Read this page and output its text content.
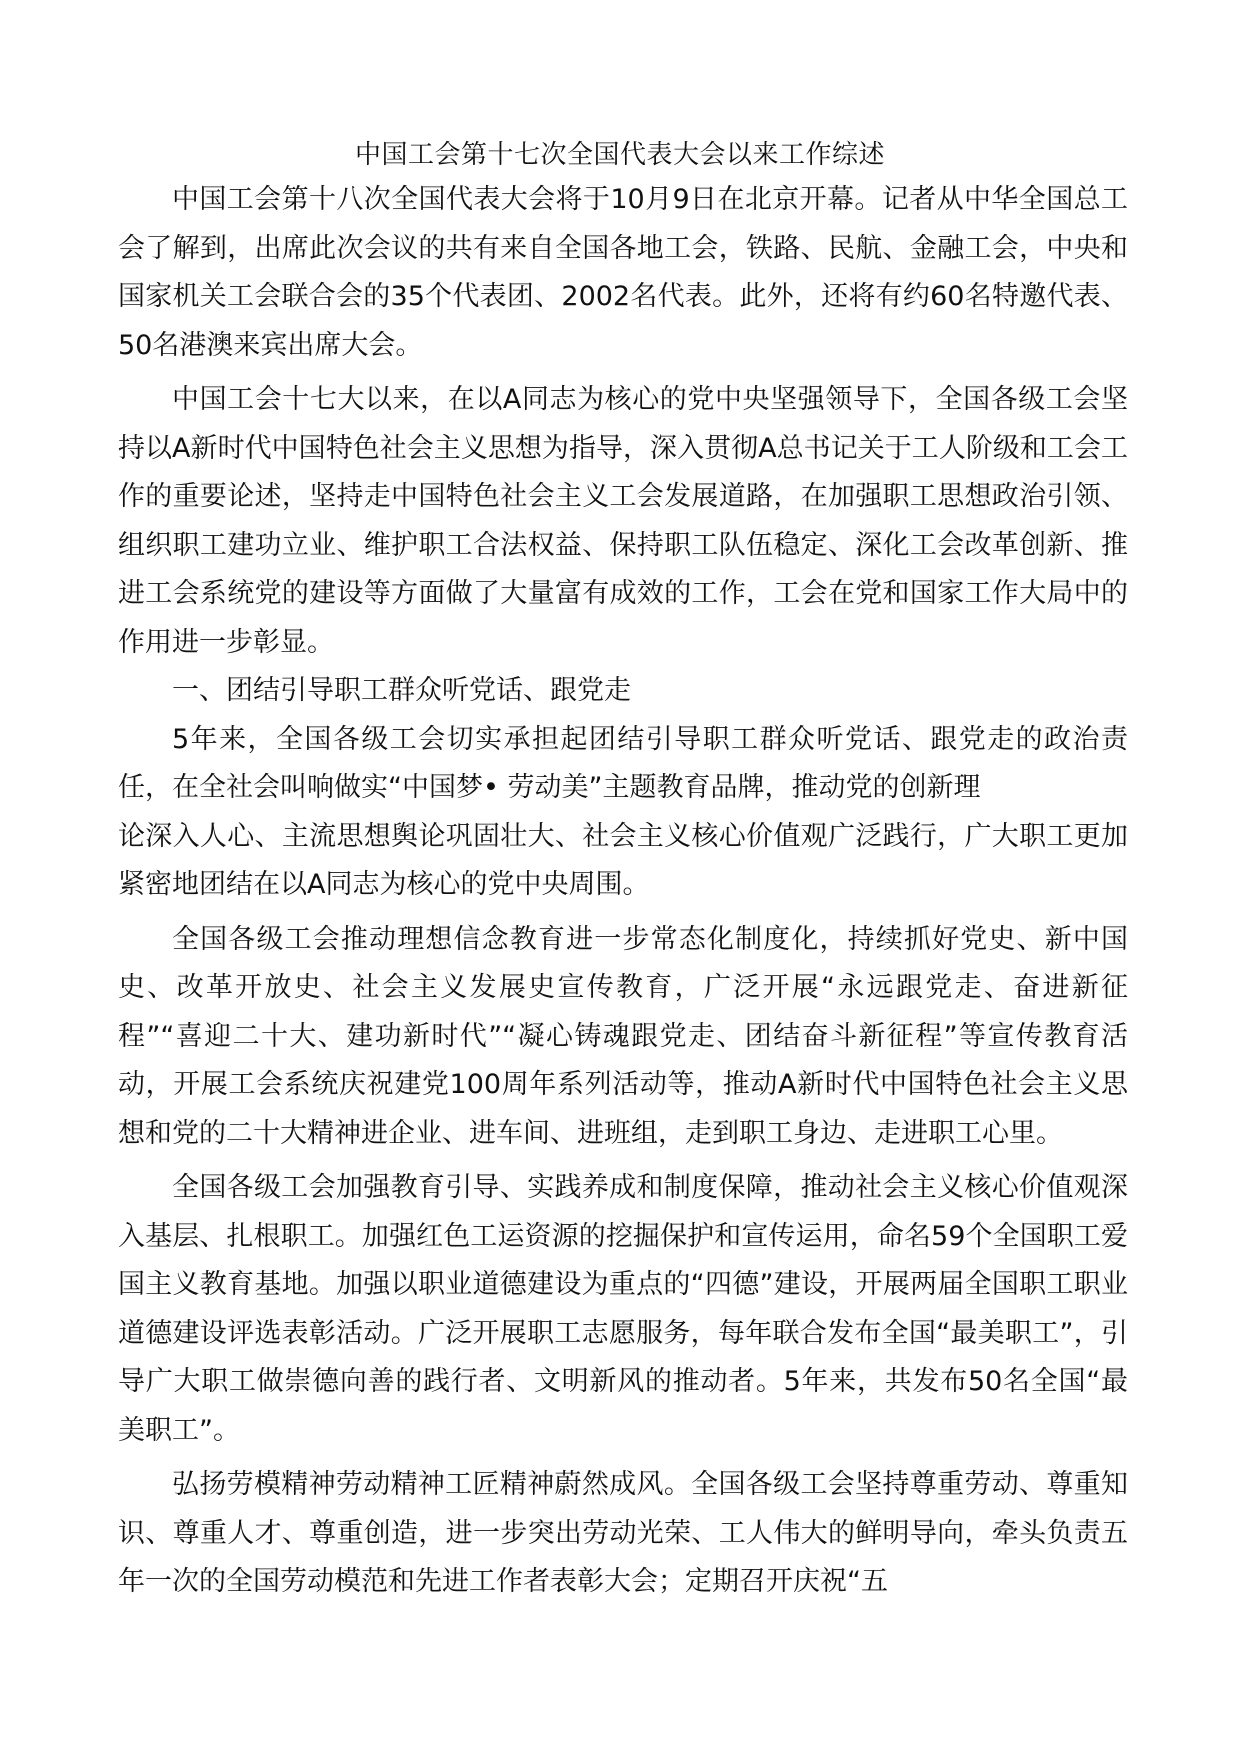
中国工会第十七次全国代表大会以来工作综述

中国工会第十八次全国代表大会将于10月9日在北京开幕。记者从中华全国总工会了解到，出席此次会议的共有来自全国各地工会，铁路、民航、金融工会，中央和国家机关工会联合会的35个代表团、2002名代表。此外，还将有约60名特邀代表、50名港澳来宾出席大会。

中国工会十七大以来，在以A同志为核心的党中央坚强领导下，全国各级工会坚持以A新时代中国特色社会主义思想为指导，深入贯彻A总书记关于工人阶级和工会工作的重要论述，坚持走中国特色社会主义工会发展道路，在加强职工思想政治引领、组织职工建功立业、维护职工合法权益、保持职工队伍稳定、深化工会改革创新、推进工会系统党的建设等方面做了大量富有成效的工作，工会在党和国家工作大局中的作用进一步彰显。

一、团结引导职工群众听党话、跟党走

5年来，全国各级工会切实承担起团结引导职工群众听党话、跟党走的政治责任，在全社会叫响做实“中国梦• 劳动美”主题教育品牌，推动党的创新理

论深入人心、主流思想舆论巩固壮大、社会主义核心价值观广泛践行，广大职工更加紧密地团结在以A同志为核心的党中央周围。

全国各级工会推动理想信念教育进一步常态化制度化，持续抓好党史、新中国史、改革开放史、社会主义发展史宣传教育，广泛开展“永远跟党走、奋进新征程”“喜迎二十大、建功新时代”“凝心铸魂跟党走、团结奋斗新征程”等宣传教育活动，开展工会系统庆祝建党100周年系列活动等，推动A新时代中国特色社会主义思想和党的二十大精神进企业、进车间、进班组，走到职工身边、走进职工心里。

全国各级工会加强教育引导、实践养成和制度保障，推动社会主义核心价值观深入基层、扎根职工。加强红色工运资源的挖掘保护和宣传运用，命名59个全国职工爱国主义教育基地。加强以职业道德建设为重点的“四德”建设，开展两届全国职工职业道德建设评选表彰活动。广泛开展职工志愿服务，每年联合发布全国“最美职工”，引导广大职工做崇德向善的践行者、文明新风的推动者。5年来，共发布50名全国“最美职工”。

弘扬劳模精神劳动精神工匠精神蔚然成风。全国各级工会坚持尊重劳动、尊重知识、尊重人才、尊重创造，进一步突出劳动光荣、工人伟大的鲜明导向，牵头负责五年一次的全国劳动模范和先进工作者表彰大会；定期召开庆祝“五
